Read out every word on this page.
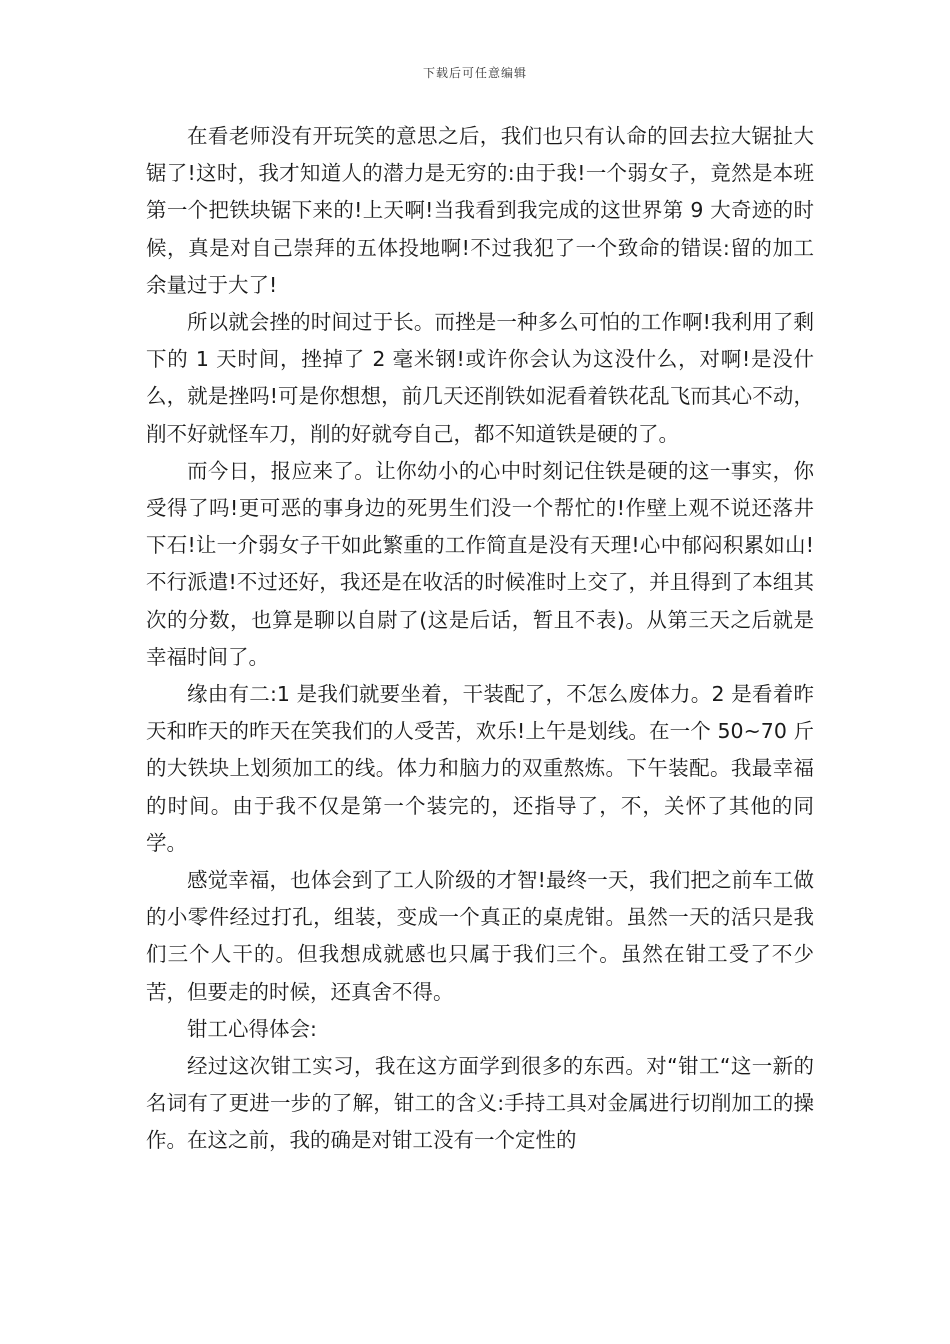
下载后可任意编辑

在看老师没有开玩笑的意思之后，我们也只有认命的回去拉大锯扯大锯了!这时，我才知道人的潜力是无穷的:由于我!一个弱女子，竟然是本班第一个把铁块锯下来的!上天啊!当我看到我完成的这世界第 9 大奇迹的时候，真是对自己崇拜的五体投地啊!不过我犯了一个致命的错误:留的加工余量过于大了!

所以就会挫的时间过于长。而挫是一种多么可怕的工作啊!我利用了剩下的 1 天时间，挫掉了 2 毫米钢!或许你会认为这没什么，对啊!是没什么，就是挫吗!可是你想想，前几天还削铁如泥看着铁花乱飞而其心不动，削不好就怪车刀，削的好就夸自己，都不知道铁是硬的了。

而今日，报应来了。让你幼小的心中时刻记住铁是硬的这一事实，你受得了吗!更可恶的事身边的死男生们没一个帮忙的!作壁上观不说还落井下石!让一介弱女子干如此繁重的工作简直是没有天理!心中郁闷积累如山!不行派遣!不过还好，我还是在收活的时候准时上交了，并且得到了本组其次的分数，也算是聊以自尉了(这是后话，暂且不表)。从第三天之后就是幸福时间了。

缘由有二:1 是我们就要坐着，干装配了，不怎么废体力。2 是看着昨天和昨天的昨天在笑我们的人受苦，欢乐!上午是划线。在一个 50~70 斤的大铁块上划须加工的线。体力和脑力的双重熬炼。下午装配。我最幸福的时间。由于我不仅是第一个装完的，还指导了，不，关怀了其他的同学。

感觉幸福，也体会到了工人阶级的才智!最终一天，我们把之前车工做的小零件经过打孔，组装，变成一个真正的桌虎钳。虽然一天的活只是我们三个人干的。但我想成就感也只属于我们三个。虽然在钳工受了不少苦，但要走的时候，还真舍不得。

钳工心得体会:

经过这次钳工实习，我在这方面学到很多的东西。对“钳工“这一新的名词有了更进一步的了解，钳工的含义:手持工具对金属进行切削加工的操作。在这之前，我的确是对钳工没有一个定性的
